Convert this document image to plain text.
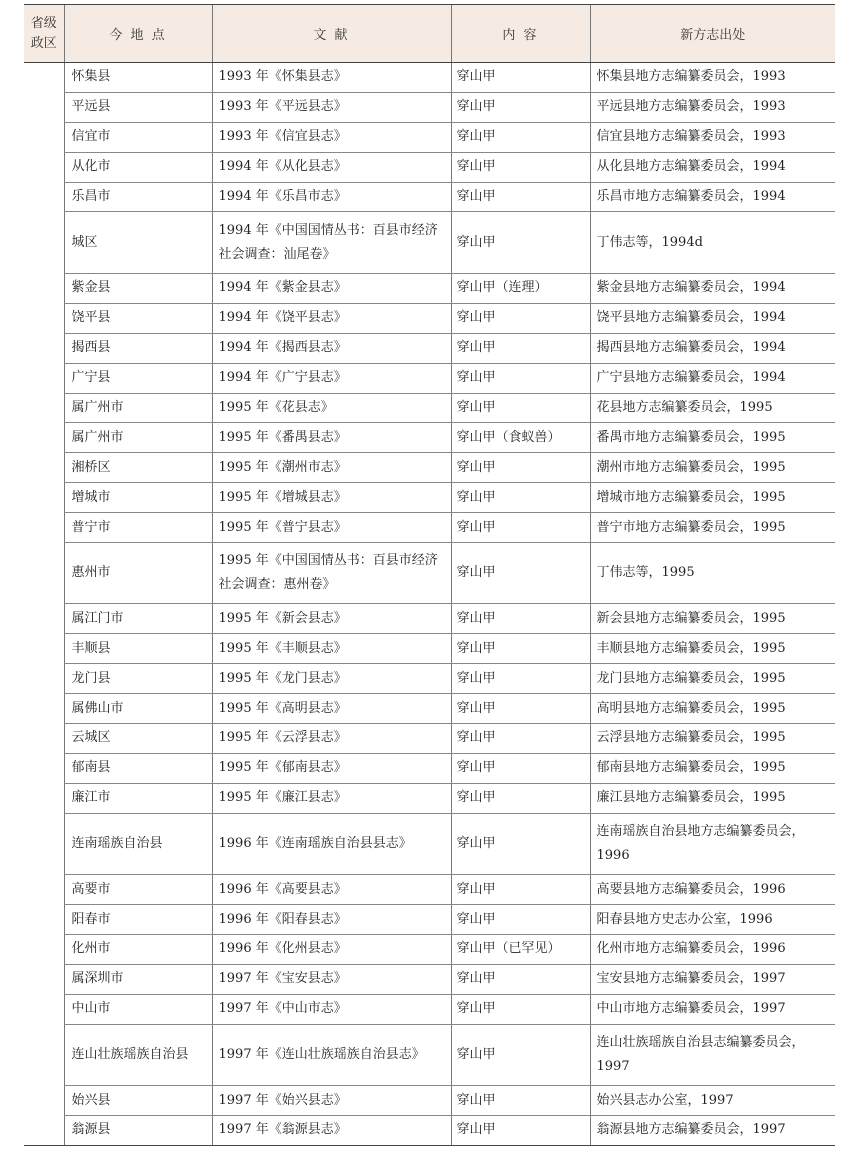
省级
政区	今 地 点	文 献	内 容	新方志出处
	怀集县	1993 年《怀集县志》	穿山甲	怀集县地方志编纂委员会，1993
	平远县	1993 年《平远县志》	穿山甲	平远县地方志编纂委员会，1993
	信宜市	1993 年《信宜县志》	穿山甲	信宜县地方志编纂委员会，1993
	从化市	1994 年《从化县志》	穿山甲	从化县地方志编纂委员会，1994
	乐昌市	1994 年《乐昌市志》	穿山甲	乐昌市地方志编纂委员会，1994
	城区	1994 年《中国国情丛书：百县市经济社会调查：汕尾卷》	穿山甲	丁伟志等，1994d
	紫金县	1994 年《紫金县志》	穿山甲（连理）	紫金县地方志编纂委员会，1994
	饶平县	1994 年《饶平县志》	穿山甲	饶平县地方志编纂委员会，1994
	揭西县	1994 年《揭西县志》	穿山甲	揭西县地方志编纂委员会，1994
	广宁县	1994 年《广宁县志》	穿山甲	广宁县地方志编纂委员会，1994
	属广州市	1995 年《花县志》	穿山甲	花县地方志编纂委员会，1995
	属广州市	1995 年《番禺县志》	穿山甲（食蚁兽）	番禺市地方志编纂委员会，1995
	湘桥区	1995 年《潮州市志》	穿山甲	潮州市地方志编纂委员会，1995
	增城市	1995 年《增城县志》	穿山甲	增城市地方志编纂委员会，1995
	普宁市	1995 年《普宁县志》	穿山甲	普宁市地方志编纂委员会，1995
	惠州市	1995 年《中国国情丛书：百县市经济社会调查：惠州卷》	穿山甲	丁伟志等，1995
	属江门市	1995 年《新会县志》	穿山甲	新会县地方志编纂委员会，1995
	丰顺县	1995 年《丰顺县志》	穿山甲	丰顺县地方志编纂委员会，1995
	龙门县	1995 年《龙门县志》	穿山甲	龙门县地方志编纂委员会，1995
	属佛山市	1995 年《高明县志》	穿山甲	高明县地方志编纂委员会，1995
	云城区	1995 年《云浮县志》	穿山甲	云浮县地方志编纂委员会，1995
	郁南县	1995 年《郁南县志》	穿山甲	郁南县地方志编纂委员会，1995
	廉江市	1995 年《廉江县志》	穿山甲	廉江县地方志编纂委员会，1995
	连南瑶族自治县	1996 年《连南瑶族自治县县志》	穿山甲	连南瑶族自治县地方志编纂委员会，1996
	高要市	1996 年《高要县志》	穿山甲	高要县地方志编纂委员会，1996
	阳春市	1996 年《阳春县志》	穿山甲	阳春县地方史志办公室，1996
	化州市	1996 年《化州县志》	穿山甲（已罕见）	化州市地方志编纂委员会，1996
	属深圳市	1997 年《宝安县志》	穿山甲	宝安县地方志编纂委员会，1997
	中山市	1997 年《中山市志》	穿山甲	中山市地方志编纂委员会，1997
	连山壮族瑶族自治县	1997 年《连山壮族瑶族自治县志》	穿山甲	连山壮族瑶族自治县志编纂委员会，1997
	始兴县	1997 年《始兴县志》	穿山甲	始兴县志办公室，1997
	翁源县	1997 年《翁源县志》	穿山甲	翁源县地方志编纂委员会，1997
